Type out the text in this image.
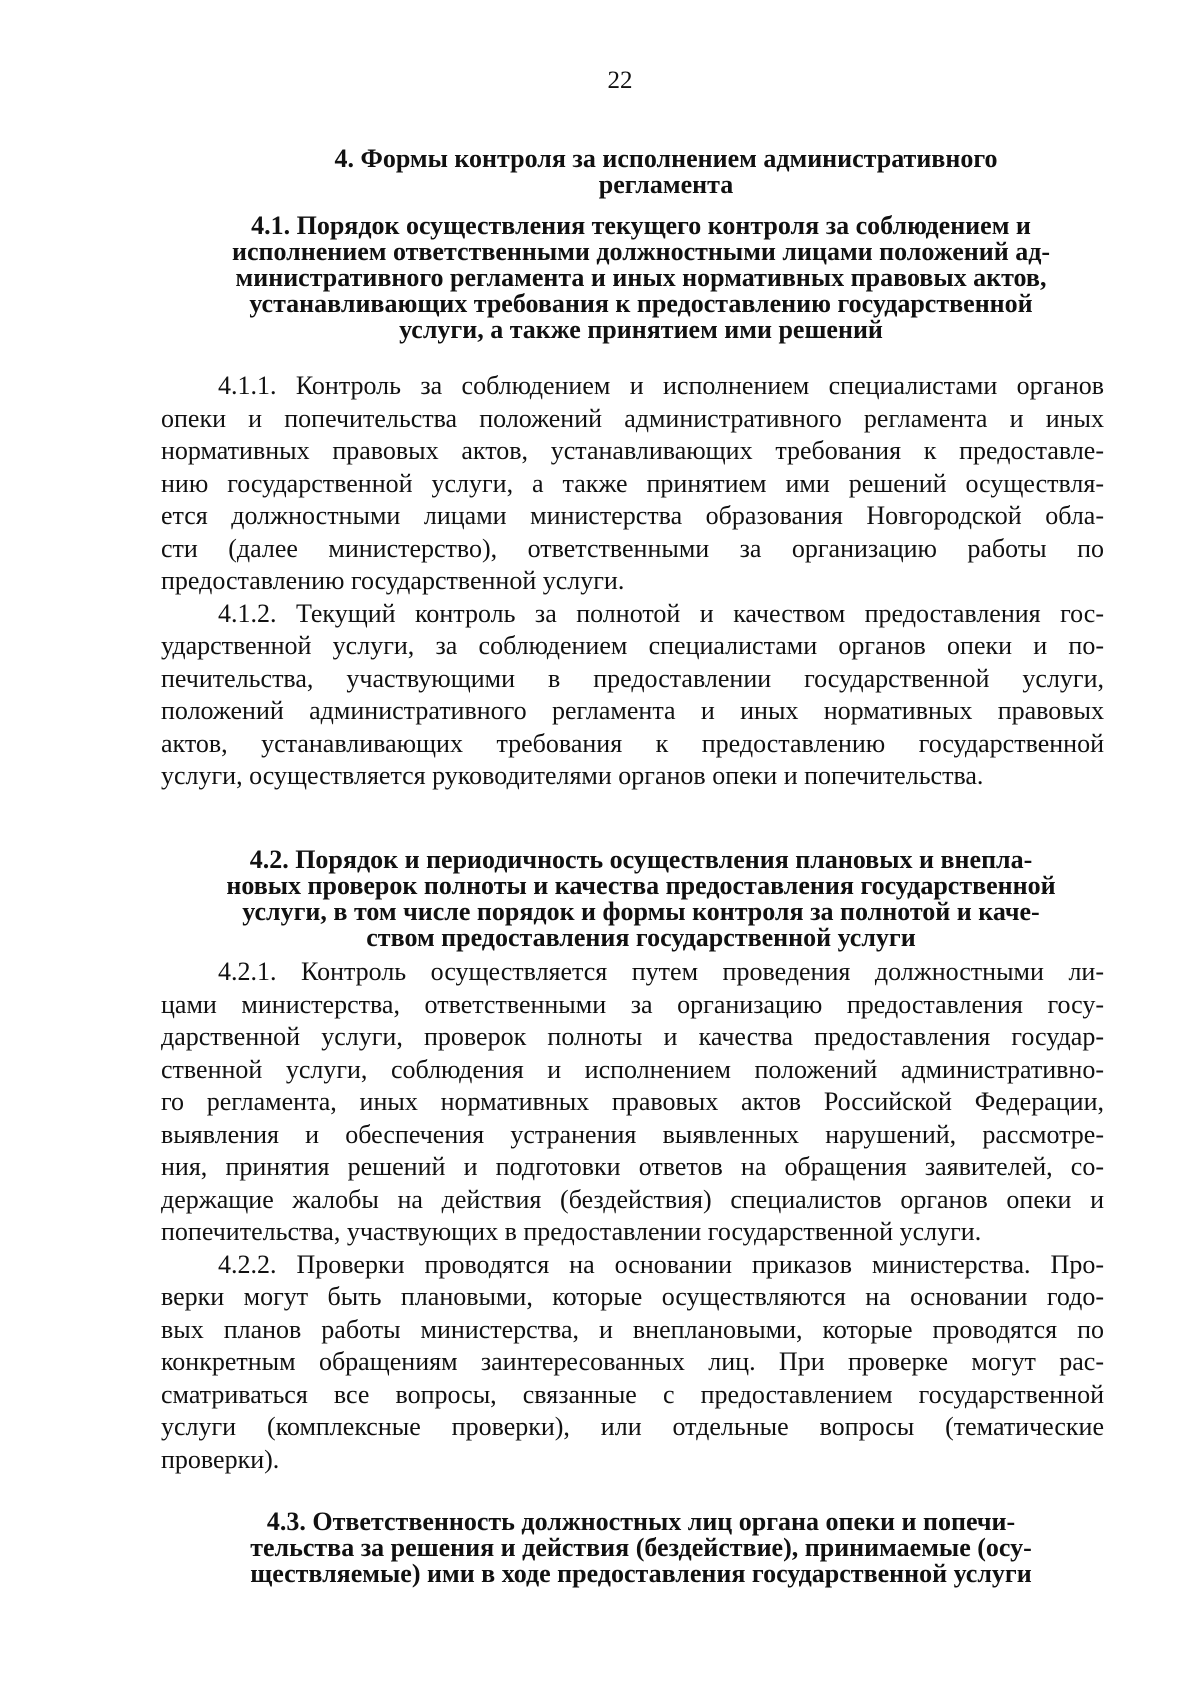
22
4. Формы контроля за исполнением административного
регламента
4.1. Порядок осуществления текущего контроля за соблюдением и
исполнением ответственными должностными лицами положений ад-
министративного регламента и иных нормативных правовых актов,
устанавливающих требования к предоставлению государственной
услуги, а также принятием ими решений
4.1.1. Контроль за соблюдением и исполнением специалистами органов
опеки и попечительства положений административного регламента и иных
нормативных правовых актов, устанавливающих требования к предоставле-
нию государственной услуги, а также принятием ими решений осуществля-
ется должностными лицами министерства образования Новгородской обла-
сти (далее министерство), ответственными за организацию работы по
предоставлению государственной услуги.
4.1.2. Текущий контроль за полнотой и качеством предоставления гос-
ударственной услуги, за соблюдением специалистами органов опеки и по-
печительства, участвующими в предоставлении государственной услуги,
положений административного регламента и иных нормативных правовых
актов, устанавливающих требования к предоставлению государственной
услуги, осуществляется руководителями органов опеки и попечительства.
4.2. Порядок и периодичность осуществления плановых и внепла-
новых проверок полноты и качества предоставления государственной
услуги, в том числе порядок и формы контроля за полнотой и каче-
ством предоставления государственной услуги
4.2.1. Контроль осуществляется путем проведения должностными ли-
цами министерства, ответственными за организацию предоставления госу-
дарственной услуги, проверок полноты и качества предоставления государ-
ственной услуги, соблюдения и исполнением положений административно-
го регламента, иных нормативных правовых актов Российской Федерации,
выявления и обеспечения устранения выявленных нарушений, рассмотре-
ния, принятия решений и подготовки ответов на обращения заявителей, со-
держащие жалобы на действия (бездействия) специалистов органов опеки и
попечительства, участвующих в предоставлении государственной услуги.
4.2.2. Проверки проводятся на основании приказов министерства. Про-
верки могут быть плановыми, которые осуществляются на основании годо-
вых планов работы министерства, и внеплановыми, которые проводятся по
конкретным обращениям заинтересованных лиц. При проверке могут рас-
сматриваться все вопросы, связанные с предоставлением государственной
услуги (комплексные проверки), или отдельные вопросы (тематические
проверки).
4.3. Ответственность должностных лиц органа опеки и попечи-
тельства за решения и действия (бездействие), принимаемые (осу-
ществляемые) ими в ходе предоставления государственной услуги
